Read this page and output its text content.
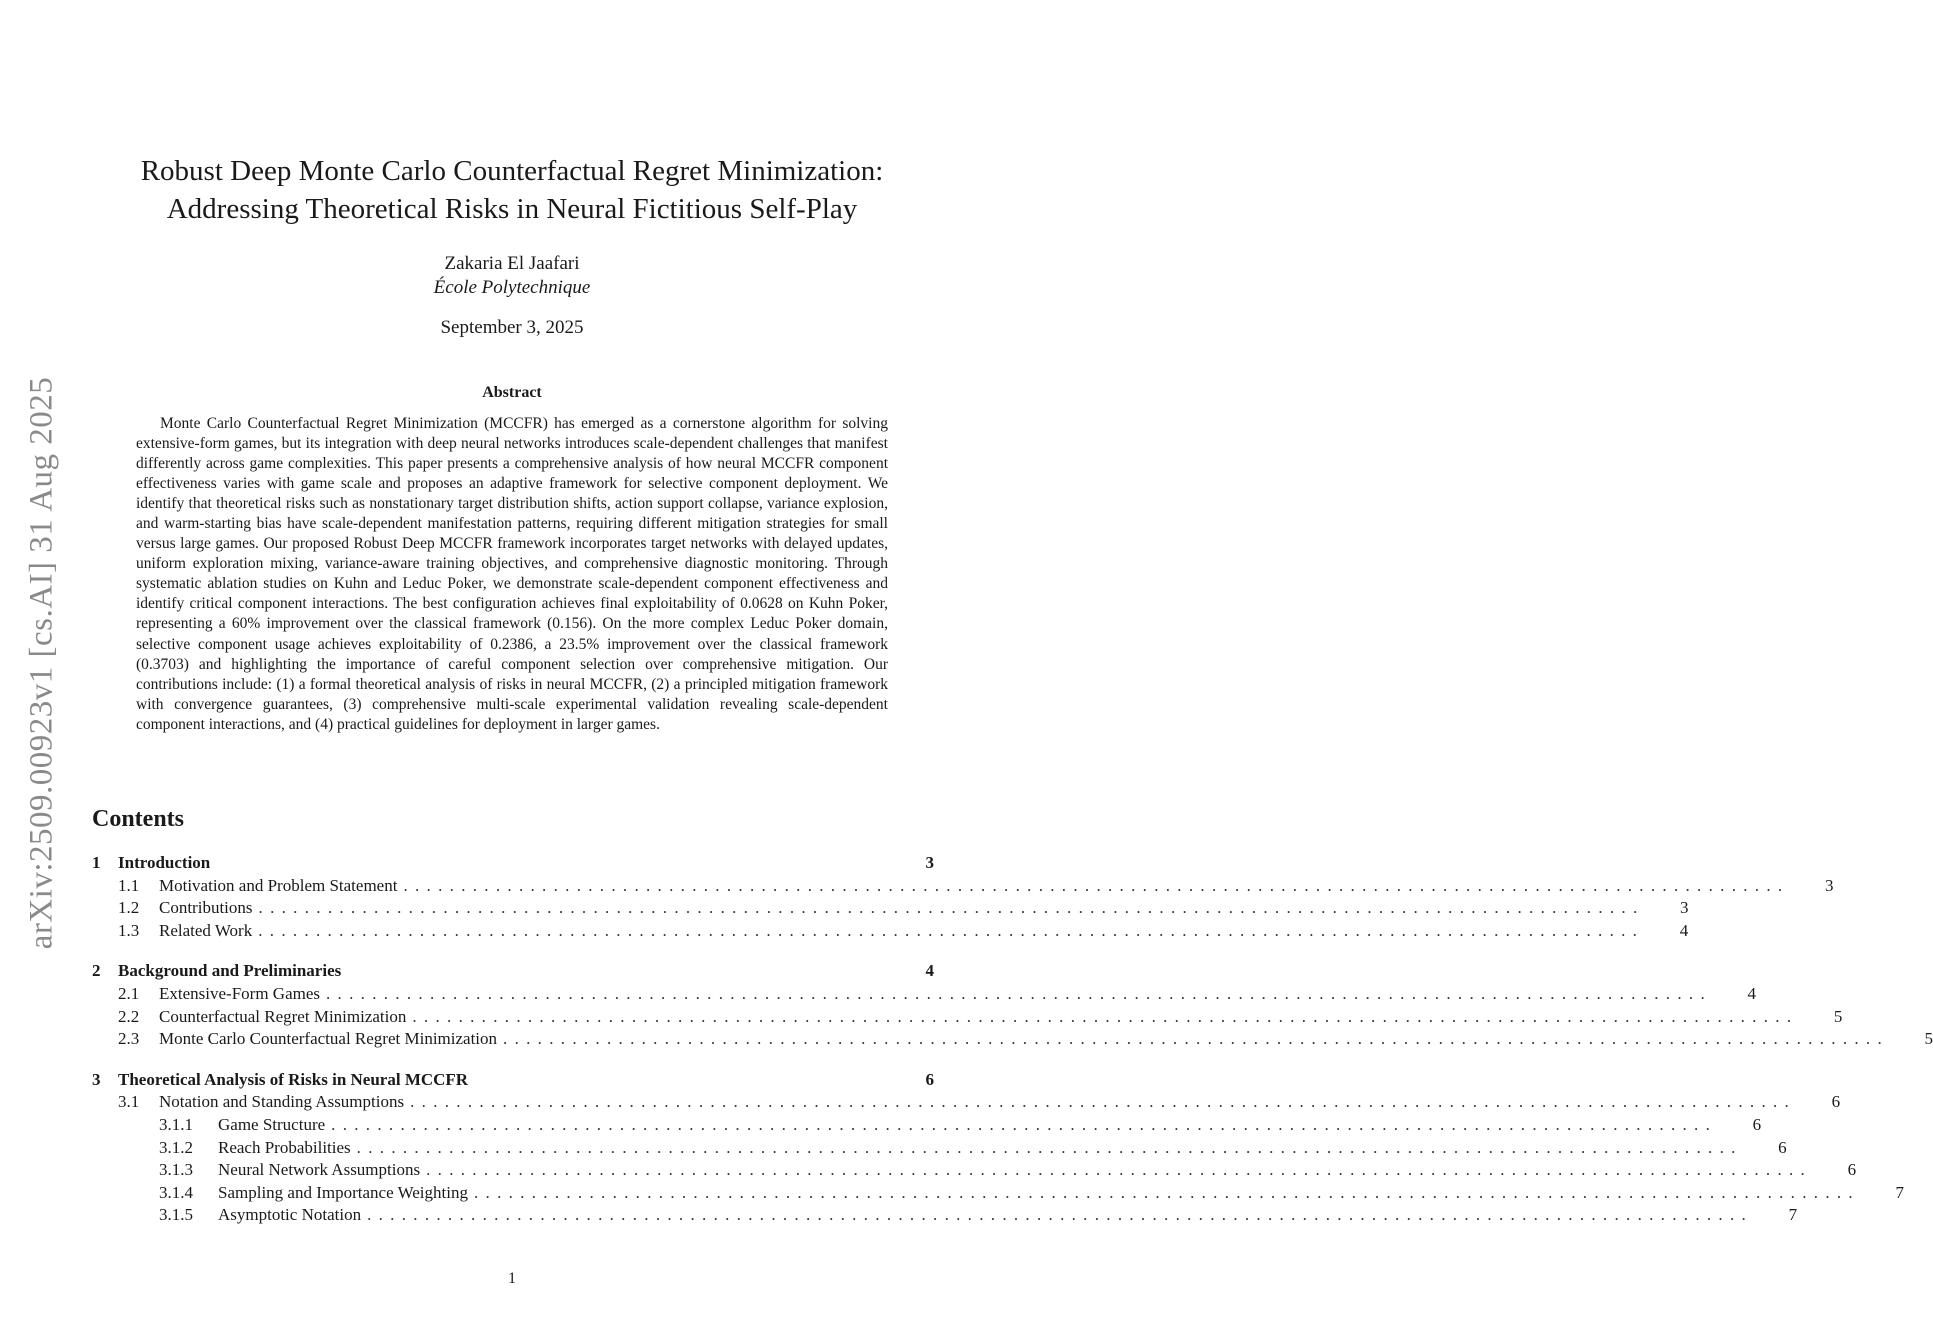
arXiv:2509.00923v1 [cs.AI] 31 Aug 2025
Robust Deep Monte Carlo Counterfactual Regret Minimization:
Addressing Theoretical Risks in Neural Fictitious Self-Play
Zakaria El Jaafari
École Polytechnique
September 3, 2025
Abstract
Monte Carlo Counterfactual Regret Minimization (MCCFR) has emerged as a cornerstone algorithm for solving extensive-form games, but its integration with deep neural networks introduces scale-dependent challenges that manifest differently across game complexities. This paper presents a comprehensive analysis of how neural MCCFR component effectiveness varies with game scale and proposes an adaptive framework for selective component deployment. We identify that theoretical risks such as nonstationary target distribution shifts, action support collapse, variance explosion, and warm-starting bias have scale-dependent manifestation patterns, requiring different mitigation strategies for small versus large games. Our proposed Robust Deep MCCFR framework incorporates target networks with delayed updates, uniform exploration mixing, variance-aware training objectives, and comprehensive diagnostic monitoring. Through systematic ablation studies on Kuhn and Leduc Poker, we demonstrate scale-dependent component effectiveness and identify critical component interactions. The best configuration achieves final exploitability of 0.0628 on Kuhn Poker, representing a 60% improvement over the classical framework (0.156). On the more complex Leduc Poker domain, selective component usage achieves exploitability of 0.2386, a 23.5% improvement over the classical framework (0.3703) and highlighting the importance of careful component selection over comprehensive mitigation. Our contributions include: (1) a formal theoretical analysis of risks in neural MCCFR, (2) a principled mitigation framework with convergence guarantees, (3) comprehensive multi-scale experimental validation revealing scale-dependent component interactions, and (4) practical guidelines for deployment in larger games.
Contents
1	Introduction	3
1.1	Motivation and Problem Statement ........................................................................................................................	3
1.2	Contributions ........................................................................................................................	3
1.3	Related Work ........................................................................................................................	4
2	Background and Preliminaries	4
2.1	Extensive-Form Games ........................................................................................................................	4
2.2	Counterfactual Regret Minimization ........................................................................................................................	5
2.3	Monte Carlo Counterfactual Regret Minimization ........................................................................................................................	5
3	Theoretical Analysis of Risks in Neural MCCFR	6
3.1	Notation and Standing Assumptions ........................................................................................................................	6
3.1.1	Game Structure ........................................................................................................................	6
3.1.2	Reach Probabilities ........................................................................................................................	6
3.1.3	Neural Network Assumptions ........................................................................................................................	6
3.1.4	Sampling and Importance Weighting ........................................................................................................................	7
3.1.5	Asymptotic Notation ........................................................................................................................	7
1
